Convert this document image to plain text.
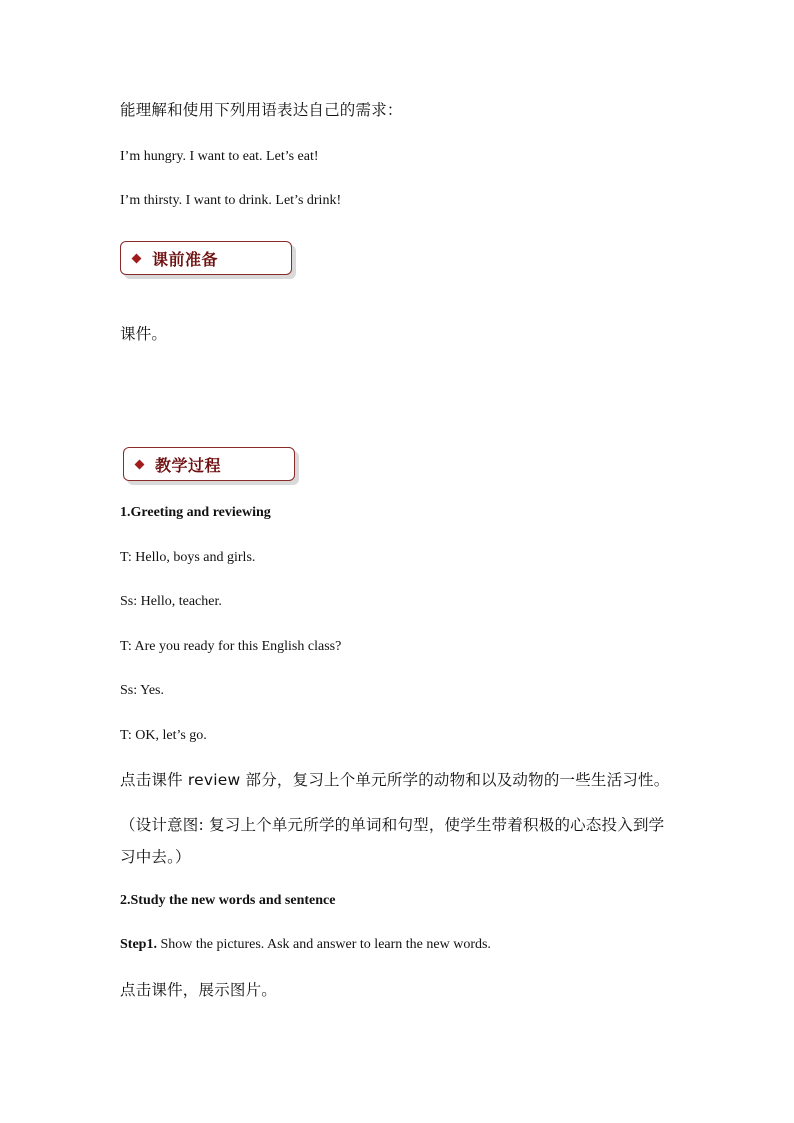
能理解和使用下列用语表达自己的需求：
I’m hungry. I want to eat. Let’s eat!
I’m thirsty. I want to drink. Let’s drink!
课前准备
课件。
教学过程
1.Greeting and reviewing
T: Hello, boys and girls.
Ss: Hello, teacher.
T: Are you ready for this English class?
Ss: Yes.
T: OK, let’s go.
点击课件 review 部分，复习上个单元所学的动物和以及动物的一些生活习性。
（设计意图: 复习上个单元所学的单词和句型，使学生带着积极的心态投入到学习中去。）
2.Study the new words and sentence
Step1. Show the pictures. Ask and answer to learn the new words.
点击课件，展示图片。
